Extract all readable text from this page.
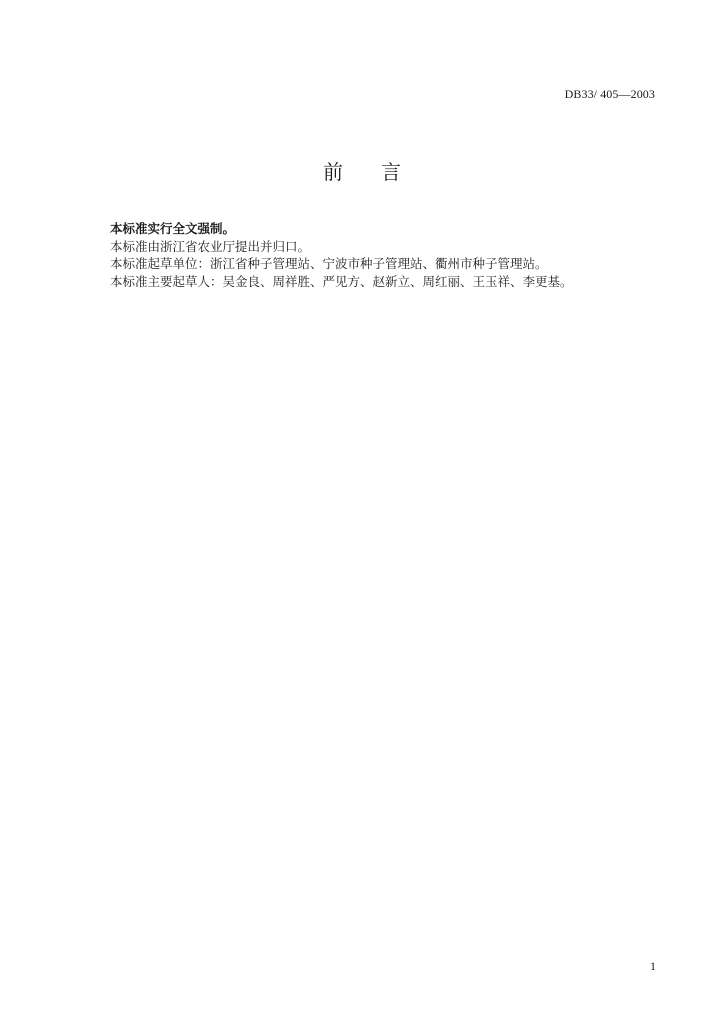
DB33/ 405—2003
前 言
本标准实行全文强制。
本标准由浙江省农业厅提出并归口。
本标准起草单位：浙江省种子管理站、宁波市种子管理站、衢州市种子管理站。
本标准主要起草人：吴金良、周祥胜、严见方、赵新立、周红丽、王玉祥、李更基。
1
